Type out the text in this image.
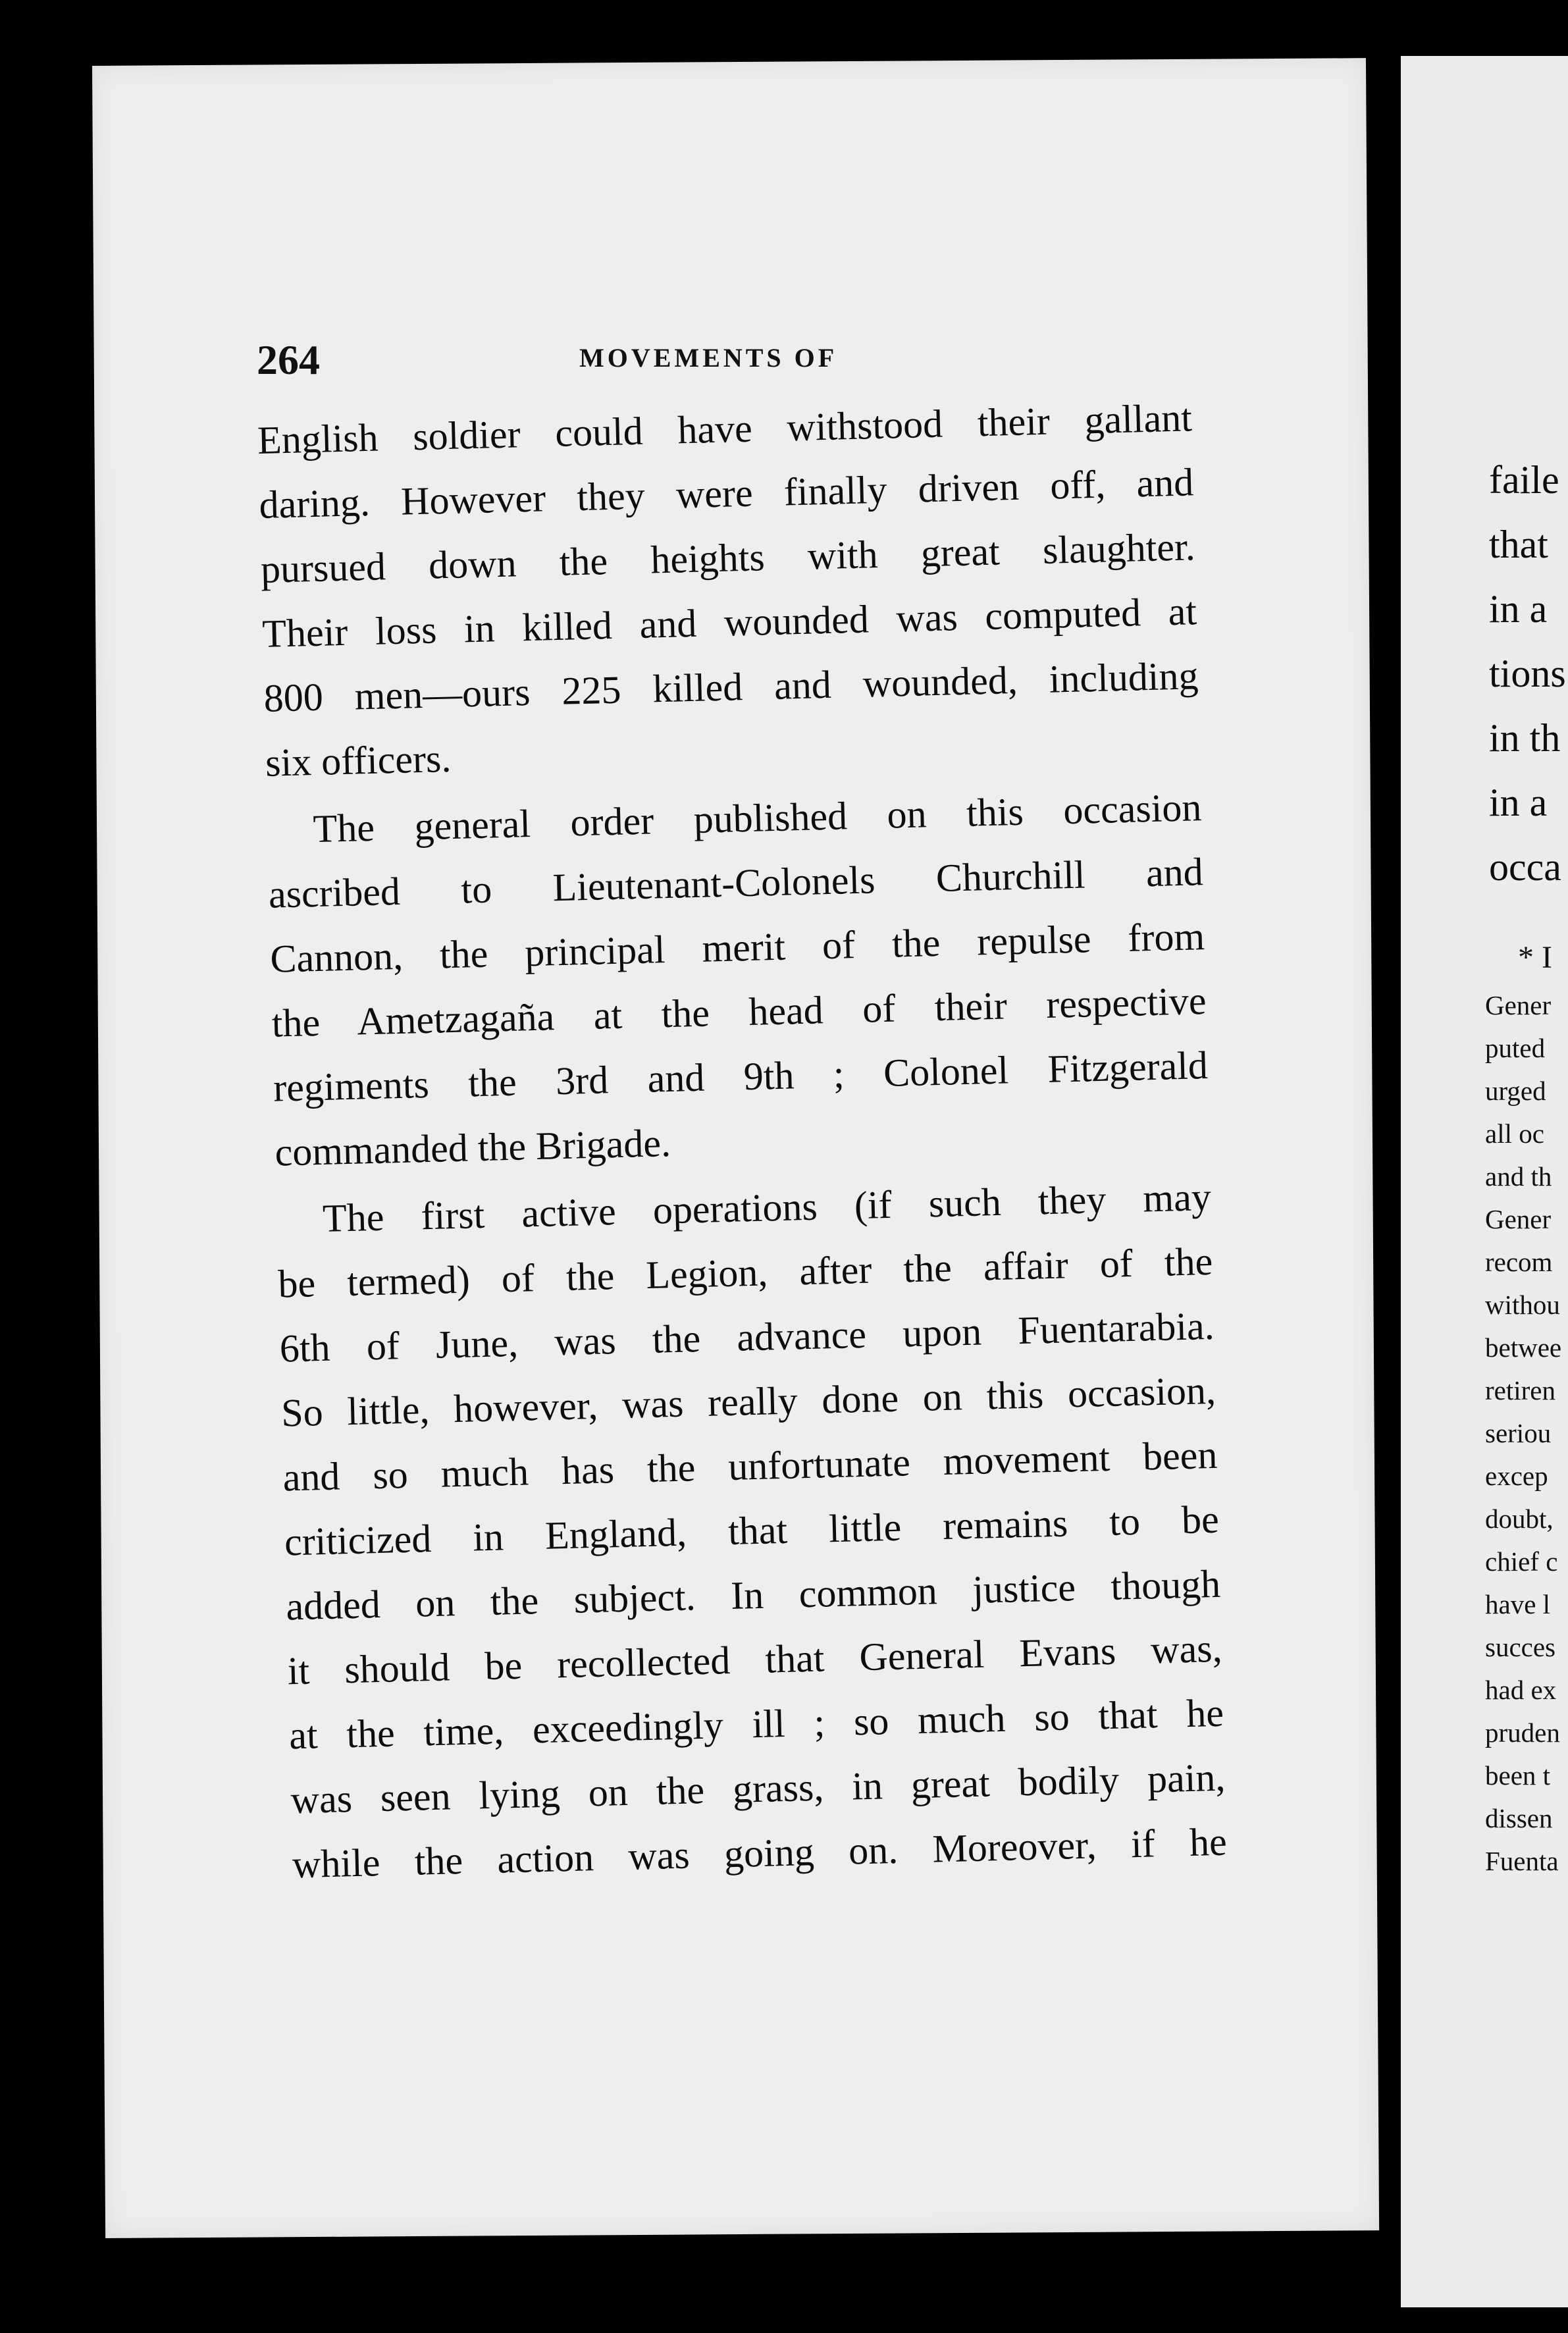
264	MOVEMENTS OF
English soldier could have withstood their gallant
daring. However they were finally driven off, and
pursued down the heights with great slaughter.
Their loss in killed and wounded was computed at
800 men—ours 225 killed and wounded, including
six officers.
The general order published on this occasion
ascribed to Lieutenant-Colonels Churchill and
Cannon, the principal merit of the repulse from
the Ametzagaña at the head of their respective
regiments the 3rd and 9th ; Colonel Fitzgerald
commanded the Brigade.
The first active operations (if such they may
be termed) of the Legion, after the affair of the
6th of June, was the advance upon Fuentarabia.
So little, however, was really done on this occasion,
and so much has the unfortunate movement been
criticized in England, that little remains to be
added on the subject. In common justice though
it should be recollected that General Evans was,
at the time, exceedingly ill ; so much so that he
was seen lying on the grass, in great bodily pain,
while the action was going on. Moreover, if he
faile
that
in a
tions
in th
in a
occa
* I
Gener
puted
urged
all oc
and th
Gener
recom
withou
betwee
retiren
seriou
excep
doubt,
chief c
have l
succes
had ex
pruden
been t
dissen
Fuenta
